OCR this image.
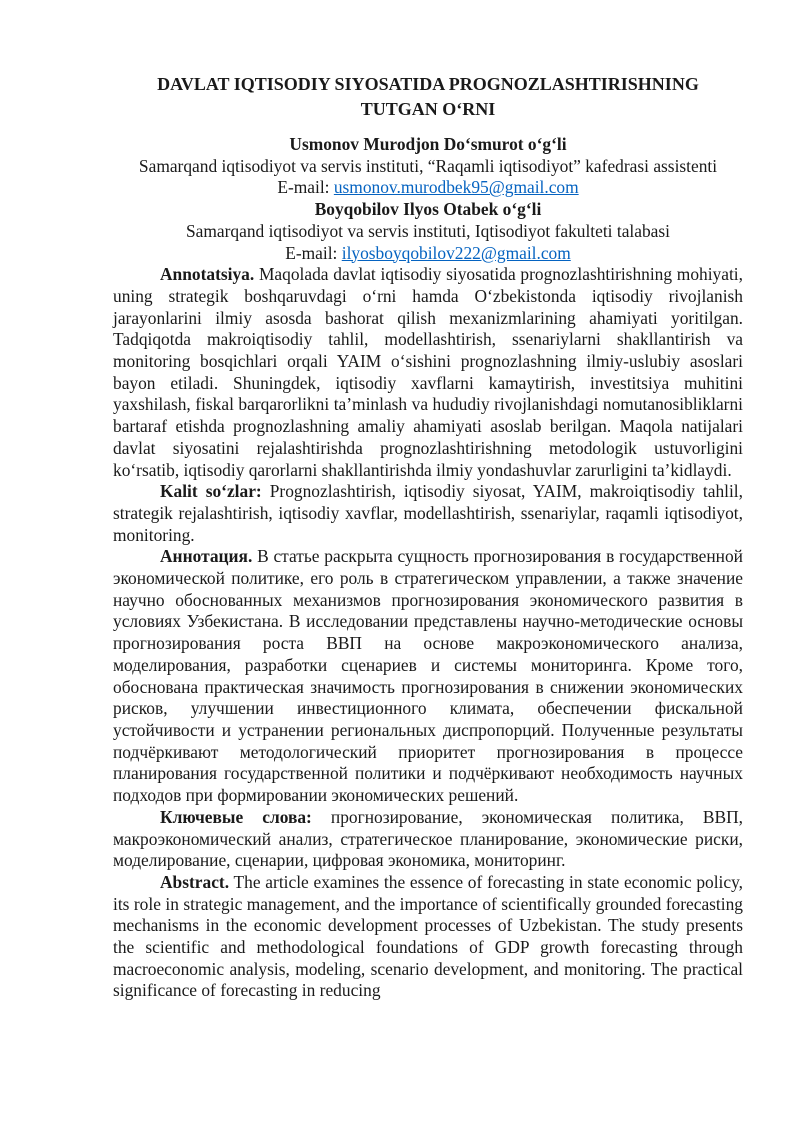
DAVLAT IQTISODIY SIYOSATIDA PROGNOZLASHTIRISHNING
TUTGAN OʻRNI
Usmonov Murodjon Doʻsmurot oʻgʻli
Samarqand iqtisodiyot va servis instituti, “Raqamli iqtisodiyot” kafedrasi assistenti
E-mail: usmonov.murodbek95@gmail.com
Boyqobilov Ilyos Otabek oʻgʻli
Samarqand iqtisodiyot va servis instituti, Iqtisodiyot fakulteti talabasi
E-mail: ilyosboyqobilov222@gmail.com

Annotatsiya. Maqolada davlat iqtisodiy siyosatida prognozlashtirishning mohiyati, uning strategik boshqaruvdagi oʻrni hamda Oʻzbekistonda iqtisodiy rivojlanish jarayonlarini ilmiy asosda bashorat qilish mexanizmlarining ahamiyati yoritilgan. Tadqiqotda makroiqtisodiy tahlil, modellashtirish, ssenariylarni shakllantirish va monitoring bosqichlari orqali YAIM oʻsishini prognozlashning ilmiy-uslubiy asoslari bayon etiladi. Shuningdek, iqtisodiy xavflarni kamaytirish, investitsiya muhitini yaxshilash, fiskal barqarorlikni ta’minlash va hududiy rivojlanishdagi nomutanosibliklarni bartaraf etishda prognozlashning amaliy ahamiyati asoslab berilgan. Maqola natijalari davlat siyosatini rejalashtirishda prognozlashtirishning metodologik ustuvorligini koʻrsatib, iqtisodiy qarorlarni shakllantirishda ilmiy yondashuvlar zarurligini ta’kidlaydi.

Kalit soʻzlar: Prognozlashtirish, iqtisodiy siyosat, YAIM, makroiqtisodiy tahlil, strategik rejalashtirish, iqtisodiy xavflar, modellashtirish, ssenariylar, raqamli iqtisodiyot, monitoring.

Аннотация. В статье раскрыта сущность прогнозирования в государственной экономической политике, его роль в стратегическом управлении, а также значение научно обоснованных механизмов прогнозирования экономического развития в условиях Узбекистана. В исследовании представлены научно-методические основы прогнозирования роста ВВП на основе макроэкономического анализа, моделирования, разработки сценариев и системы мониторинга. Кроме того, обоснована практическая значимость прогнозирования в снижении экономических рисков, улучшении инвестиционного климата, обеспечении фискальной устойчивости и устранении региональных диспропорций. Полученные результаты подчёркивают методологический приоритет прогнозирования в процессе планирования государственной политики и подчёркивают необходимость научных подходов при формировании экономических решений.

Ключевые слова: прогнозирование, экономическая политика, ВВП, макроэкономический анализ, стратегическое планирование, экономические риски, моделирование, сценарии, цифровая экономика, мониторинг.

Abstract. The article examines the essence of forecasting in state economic policy, its role in strategic management, and the importance of scientifically grounded forecasting mechanisms in the economic development processes of Uzbekistan. The study presents the scientific and methodological foundations of GDP growth forecasting through macroeconomic analysis, modeling, scenario development, and monitoring. The practical significance of forecasting in reducing
